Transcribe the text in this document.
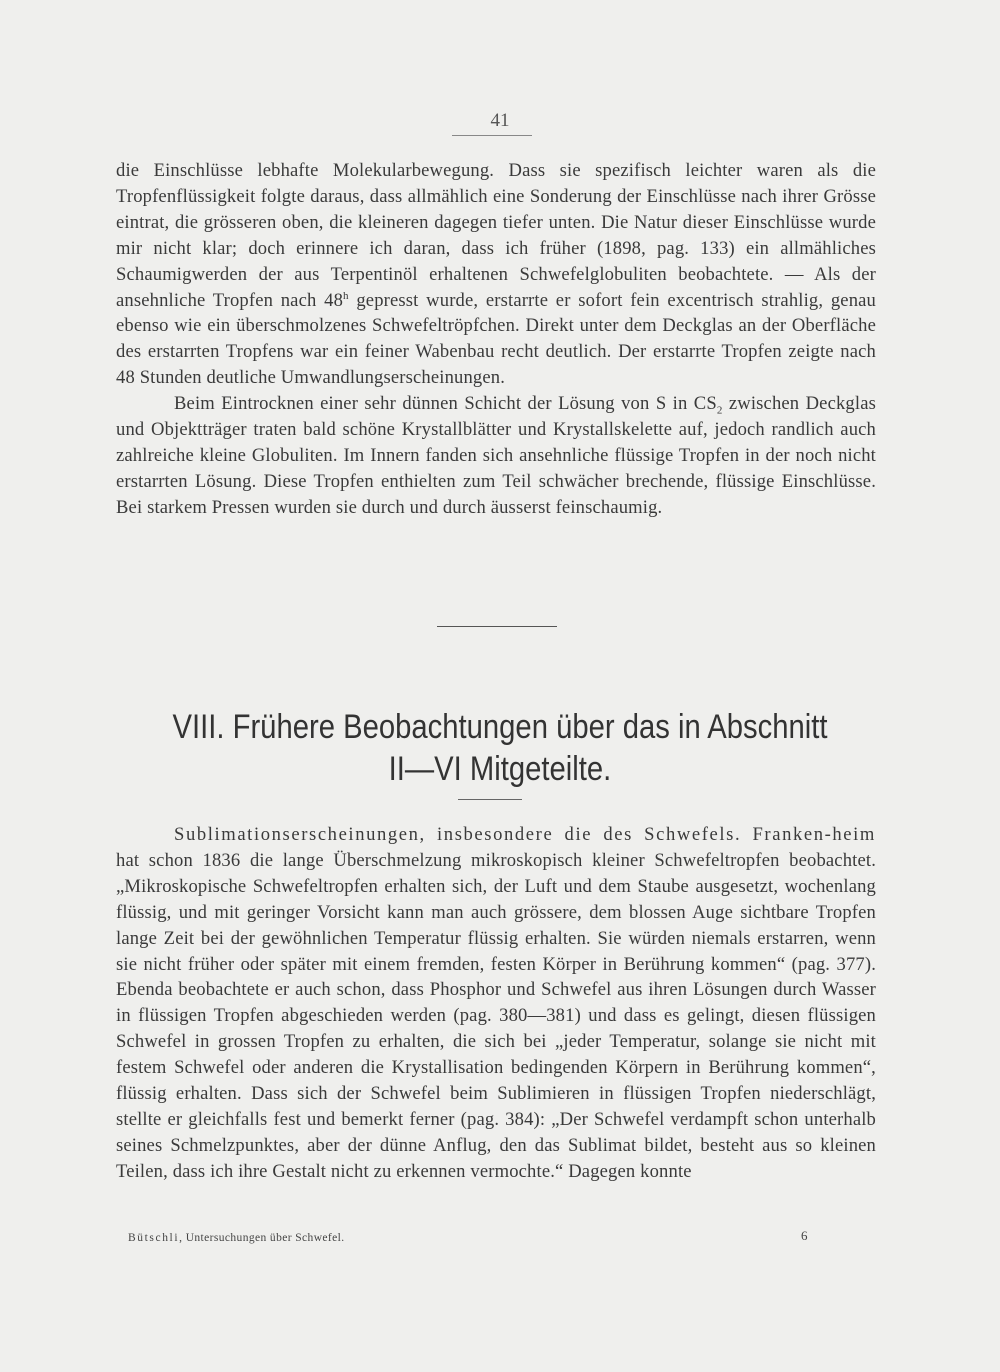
41

die Einschlüsse lebhafte Molekularbewegung. Dass sie spezifisch leichter waren als die Tropfenflüssigkeit folgte daraus, dass allmählich eine Sonderung der Einschlüsse nach ihrer Grösse eintrat, die grösseren oben, die kleineren dagegen tiefer unten. Die Natur dieser Einschlüsse wurde mir nicht klar; doch erinnere ich daran, dass ich früher (1898, pag. 133) ein allmähliches Schaumigwerden der aus Terpentinöl erhaltenen Schwefelglobuliten beobachtete. — Als der ansehnliche Tropfen nach 48$^h$ gepresst wurde, erstarrte er sofort fein excentrisch strahlig, genau ebenso wie ein überschmolzenes Schwefeltröpfchen. Direkt unter dem Deckglas an der Oberfläche des erstarrten Tropfens war ein feiner Wabenbau recht deutlich. Der erstarrte Tropfen zeigte nach 48 Stunden deutliche Umwandlungserscheinungen.

Beim Eintrocknen einer sehr dünnen Schicht der Lösung von S in $CS_2$ zwischen Deckglas und Objektträger traten bald schöne Krystallblätter und Krystallskelette auf, jedoch randlich auch zahlreiche kleine Globuliten. Im Innern fanden sich ansehnliche flüssige Tropfen in der noch nicht erstarrten Lösung. Diese Tropfen enthielten zum Teil schwächer brechende, flüssige Einschlüsse. Bei starkem Pressen wurden sie durch und durch äusserst feinschaumig.

VIII. Frühere Beobachtungen über das in Abschnitt
II—VI Mitgeteilte.

Sublimationserscheinungen, insbesondere die des Schwefels. Franken-heim hat schon 1836 die lange Überschmelzung mikroskopisch kleiner Schwefeltropfen beobachtet. „Mikroskopische Schwefeltropfen erhalten sich, der Luft und dem Staube ausgesetzt, wochenlang flüssig, und mit geringer Vorsicht kann man auch grössere, dem blossen Auge sichtbare Tropfen lange Zeit bei der gewöhnlichen Temperatur flüssig erhalten. Sie würden niemals erstarren, wenn sie nicht früher oder später mit einem fremden, festen Körper in Berührung kommen“ (pag. 377). Ebenda beobachtete er auch schon, dass Phosphor und Schwefel aus ihren Lösungen durch Wasser in flüssigen Tropfen abgeschieden werden (pag. 380—381) und dass es gelingt, diesen flüssigen Schwefel in grossen Tropfen zu erhalten, die sich bei „jeder Temperatur, solange sie nicht mit festem Schwefel oder anderen die Krystallisation bedingenden Körpern in Berührung kommen“, flüssig erhalten. Dass sich der Schwefel beim Sublimieren in flüssigen Tropfen niederschlägt, stellte er gleichfalls fest und bemerkt ferner (pag. 384): „Der Schwefel verdampft schon unterhalb seines Schmelzpunktes, aber der dünne Anflug, den das Sublimat bildet, besteht aus so kleinen Teilen, dass ich ihre Gestalt nicht zu erkennen vermochte.“ Dagegen konnte

Bütschli, Untersuchungen über Schwefel.	6
